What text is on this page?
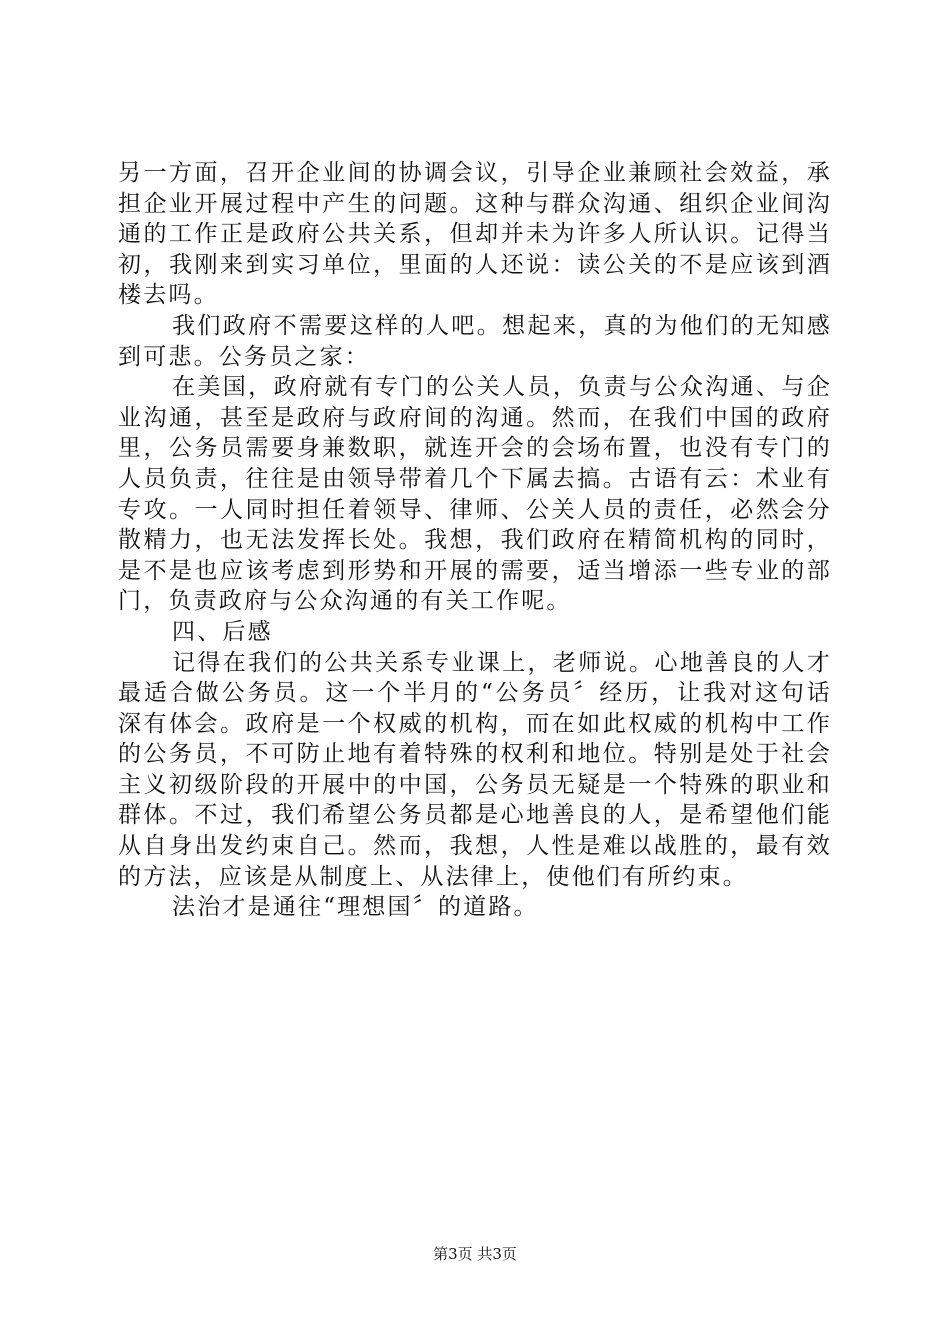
另一方面，召开企业间的协调会议，引导企业兼顾社会效益，承担企业开展过程中产生的问题。这种与群众沟通、组织企业间沟通的工作正是政府公共关系，但却并未为许多人所认识。记得当初，我刚来到实习单位，里面的人还说：读公关的不是应该到酒楼去吗。

我们政府不需要这样的人吧。想起来，真的为他们的无知感到可悲。公务员之家：

在美国，政府就有专门的公关人员，负责与公众沟通、与企业沟通，甚至是政府与政府间的沟通。然而，在我们中国的政府里，公务员需要身兼数职，就连开会的会场布置，也没有专门的人员负责，往往是由领导带着几个下属去搞。古语有云：术业有专攻。一人同时担任着领导、律师、公关人员的责任，必然会分散精力，也无法发挥长处。我想，我们政府在精简机构的同时，是不是也应该考虑到形势和开展的需要，适当增添一些专业的部门，负责政府与公众沟通的有关工作呢。

四、后感

记得在我们的公共关系专业课上，老师说。心地善良的人才最适合做公务员。这一个半月的“公务员〞经历，让我对这句话深有体会。政府是一个权威的机构，而在如此权威的机构中工作的公务员，不可防止地有着特殊的权利和地位。特别是处于社会主义初级阶段的开展中的中国，公务员无疑是一个特殊的职业和群体。不过，我们希望公务员都是心地善良的人，是希望他们能从自身出发约束自己。然而，我想，人性是难以战胜的，最有效的方法，应该是从制度上、从法律上，使他们有所约束。

法治才是通往“理想国〞的道路。

第3页 共3页
